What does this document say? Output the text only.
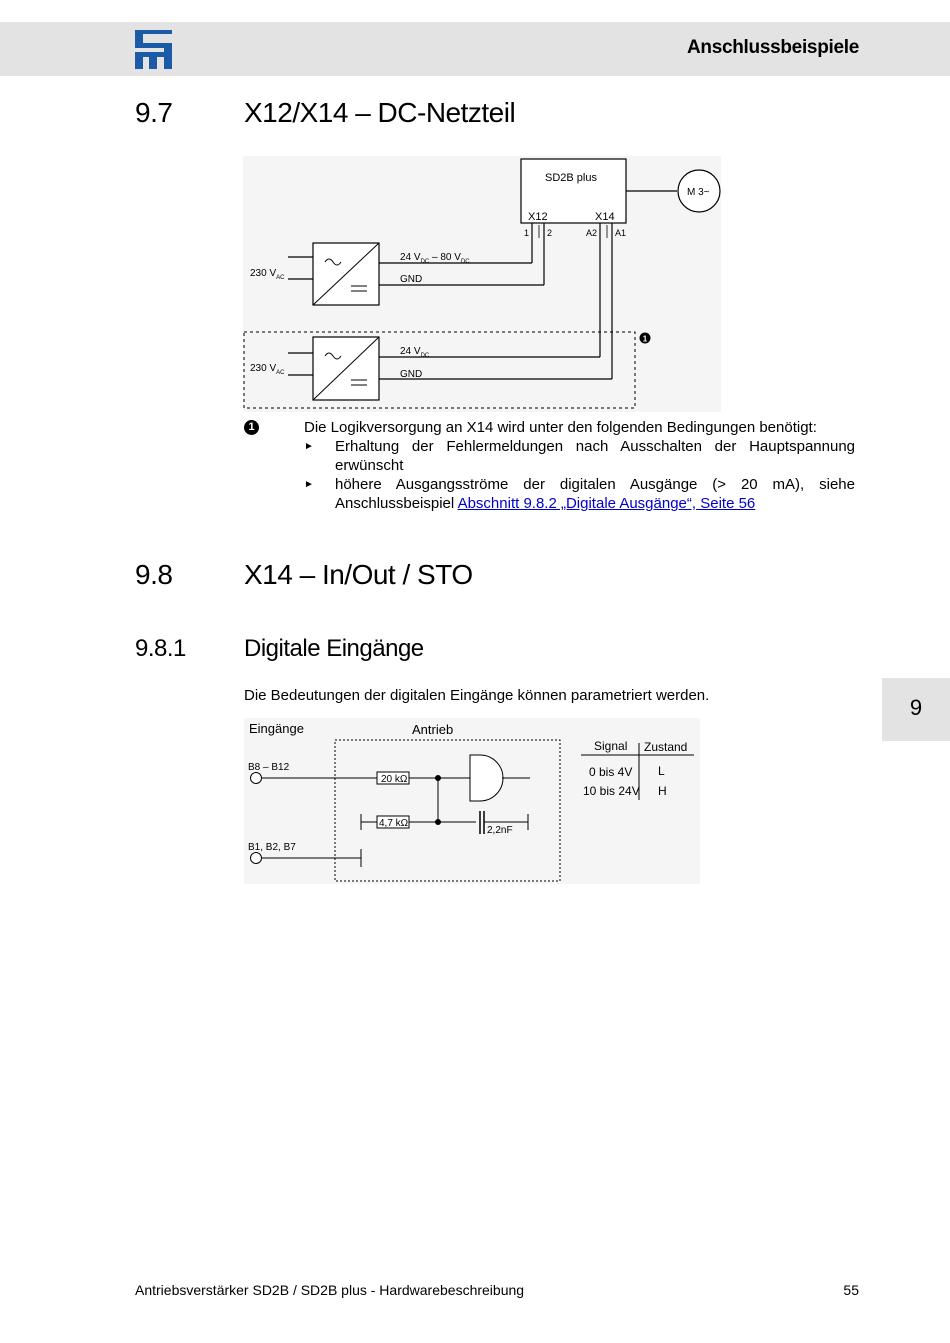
Anschlussbeispiele
9.7	X12/X14 – DC-Netzteil
SD2B plus
X12	X14
M 3~
1 2	A2 A1
230 $V_{AC}$
24 $V_{DC} - 80$ $V_{DC}$
GND
1
230 $V_{AC}$
24 $V_{DC}$
GND
1	Die Logikversorgung an X14 wird unter den folgenden Bedingungen benötigt:
► Erhaltung der Fehlermeldungen nach Ausschalten der Hauptspannung erwünscht
► höhere Ausgangsströme der digitalen Ausgänge (> 20 mA), siehe Anschlussbeispiel Abschnitt 9.8.2 „Digitale Ausgänge“, Seite 56
9.8	X14 – In/Out / STO
9.8.1 Digitale Eingänge
Die Bedeutungen der digitalen Eingänge können parametriert werden.
Eingänge	Antrieb
B8 – B12
20 kΩ
4,7 kΩ
2,2nF
B1, B2, B7
Signal Zustand
0 bis 4V L
10 bis 24V H
9
Antriebsverstärker SD2B / SD2B plus - Hardwarebeschreibung	55
